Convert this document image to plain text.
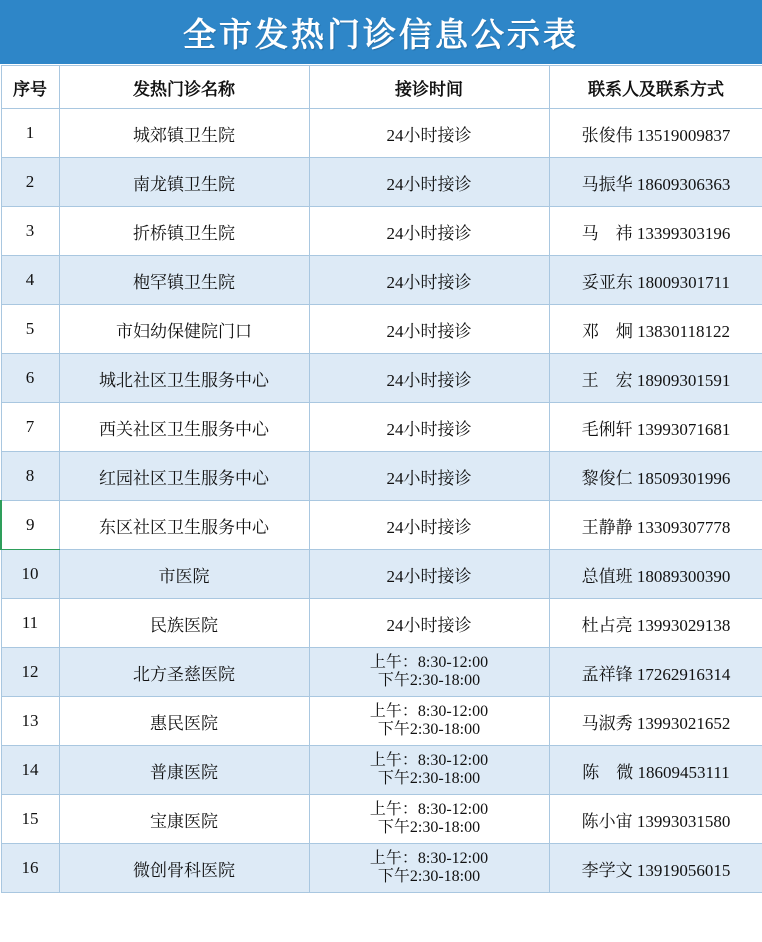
全市发热门诊信息公示表
序号	发热门诊名称	接诊时间	联系人及联系方式
1	城郊镇卫生院	24小时接诊	张俊伟 13519009837
2	南龙镇卫生院	24小时接诊	马振华 18609306363
3	折桥镇卫生院	24小时接诊	马　祎 13399303196
4	枹罕镇卫生院	24小时接诊	妥亚东 18009301711
5	市妇幼保健院门口	24小时接诊	邓　炯 13830118122
6	城北社区卫生服务中心	24小时接诊	王　宏 18909301591
7	西关社区卫生服务中心	24小时接诊	毛俐轩 13993071681
8	红园社区卫生服务中心	24小时接诊	黎俊仁 18509301996
9	东区社区卫生服务中心	24小时接诊	王静静 13309307778
10	市医院	24小时接诊	总值班 18089300390
11	民族医院	24小时接诊	杜占亮 13993029138
12	北方圣慈医院	上午：8:30-12:00
下午2:30-18:00	孟祥锋 17262916314
13	惠民医院	上午：8:30-12:00
下午2:30-18:00	马淑秀 13993021652
14	普康医院	上午：8:30-12:00
下午2:30-18:00	陈　微 18609453111
15	宝康医院	上午：8:30-12:00
下午2:30-18:00	陈小宙 13993031580
16	微创骨科医院	上午：8:30-12:00
下午2:30-18:00	李学文 13919056015
